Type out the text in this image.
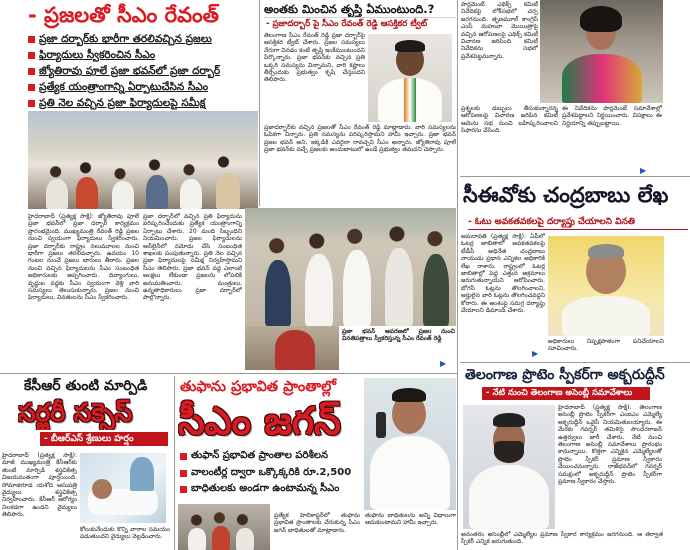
- ప్రజలతో సీఎం రేవంత్
ప్రజా దర్బార్‌కు భారీగా తరలివచ్చిన ప్రజలు
ఫిర్యాదులు స్వీకరించిన సీఎం
జ్యోతిరావు పూలే ప్రజా భవన్‌లో ప్రజా దర్బార్
ప్రత్యేక యంత్రాంగాన్ని ఏర్పాటుచేసిన సీఎం
ప్రతి నెల వచ్చిన ప్రజా ఫిర్యాదులపై సమీక్ష
హైదరాబాద్ (ప్రత్యక్ష సాక్షి): జ్యోతిరావు పూలే ప్రజా భవన్‌లో ప్రజా దర్బార్ కార్యక్రమం ప్రారంభమైంది. ముఖ్యమంత్రి రేవంత్ రెడ్డి ప్రజల నుంచి స్వయంగా ఫిర్యాదులు స్వీకరించారు. ప్రజా దర్బార్‌కు రాష్ట్రం నలుమూలల నుంచి భారీగా ప్రజలు తరలివచ్చారు. ఉదయం 10 గంటల నుంచే ప్రజలు బారులు తీరారు. ప్రజల నుంచి వచ్చిన ఫిర్యాదులను సీఎం సంబంధిత అధికారులకు అప్పగించారు. దివ్యాంగులు, వృద్ధుల వద్దకు సీఎం స్వయంగా వెళ్లి వారి సమస్యలు తెలుసుకున్నారు. ప్రజల నుంచి ఫిర్యాదులు, వినతులను సీఎం స్వీకరించారు.
ప్రజా దర్బార్‌లో వచ్చిన ప్రతి ఫిర్యాదును పరిష్కరించేందుకు ప్రత్యేక యంత్రాంగాన్ని ఏర్పాటు చేశారు. 20 మంది సిబ్బందిని నియమించారు. ప్రజల ఫిర్యాదులను ఆన్‌లైన్‌లో నమోదు చేసి సంబంధిత శాఖలకు పంపుతున్నారు. ప్రతి నెల వచ్చిన ప్రజా ఫిర్యాదులపై సమీక్ష నిర్వహిస్తామని సీఎం తెలిపారు. ప్రజా భవన్ వద్ద ఎలాంటి ఆంక్షలు లేకుండా ప్రజలను లోపలికి అనుమతించారు. మంత్రులు, ఉన్నతాధికారులు ప్రజా దర్బార్‌లో పాల్గొన్నారు.
అంతకు మించిన తృప్తి ఏముంటుంది.?
- ప్రజాదర్బార్ పై సీఎం రేవంత్ రెడ్డి ఆసక్తికర ట్వీట్
తెలంగాణ సీఎం రేవంత్ రెడ్డి ప్రజా దర్బార్‌పై ఆసక్తికర ట్వీట్ చేశారు. ప్రజల సమస్యలు నేరుగా వినడం కంటే తృప్తి ఇంకేముంటుందని పేర్కొన్నారు. ప్రజా భవన్‌కు వచ్చిన ప్రతి ఒక్కరి సమస్యను విన్నామని, వారి కష్టాలు తీర్చేందుకు ప్రభుత్వం కృషి చేస్తుందని తెలిపారు.
ప్రజాదర్బార్‌కు వచ్చిన ప్రజలతో సీఎం రేవంత్ రెడ్డి మాట్లాడారు. వారి సమస్యలను ఓపికగా విన్నారు. ప్రతి సమస్యను పరిష్కరిస్తామని హామీ ఇచ్చారు. ప్రజా భవన్ ప్రజల భవన్ అని, ఇక్కడికి ఎవరైనా రావచ్చని సీఎం అన్నారు. జ్యోతిరావు పూలే ప్రజా భవన్‌కు వచ్చే ప్రజలకు అందుబాటులో ఉండే ప్రభుత్వం తమదని చెప్పారు.
ప్రజా భవన్ ఆవరణలో ప్రజల నుంచి వినతిపత్రాలు స్వీకరిస్తున్న సీఎం రేవంత్ రెడ్డి
▶
పార్లమెంట్ ఎథిక్స్ కమిటీ నివేదికపై లోక్‌సభలో చర్చ జరగనుంది. తృణమూల్ కాంగ్రెస్ ఎంపీ మహువా మొయిత్రాపై వచ్చిన ఆరోపణలపై ఎథిక్స్ కమిటీ విచారణ జరిపింది. కమిటీ నివేదికను సభలో ప్రవేశపెట్టనున్నారు.
ప్రశ్నలకు డబ్బులు తీసుకున్నారన్న ఆరోపణలపై విచారణ జరిపిన కమిటీ ఆమెను సభ నుంచి బహిష్కరించాలని సిఫారసు చేసింది.
ఈ నివేదికను పార్లమెంట్ సమావేశాల్లో ప్రవేశపెట్టాలని నిర్ణయించారు. విపక్షాలు ఈ నిర్ణయాన్ని తప్పుబట్టాయి.
▶
సీఈవోకు చంద్రబాబు లేఖ
- ఓటు అవకతవకలపై దర్యాప్తు చేయాలని వినతి
అమరావతి (ప్రత్యక్ష సాక్షి): ఏపీలో ఓటర్ల జాబితాలో అవకతవకలపై టీడీపీ అధినేత చంద్రబాబు నాయుడు ప్రధాన ఎన్నికల అధికారికి లేఖ రాశారు. రాష్ట్రంలో ఓటర్ల జాబితాల్లో పెద్ద ఎత్తున అక్రమాలు జరుగుతున్నాయని ఆరోపించారు. బోగస్ ఓట్లను తొలగించాలని, అర్హులైన వారి ఓట్లను తొలగించవద్దని కోరారు. ఈ అంశంపై సమగ్ర దర్యాప్తు చేయాలని డిమాండ్ చేశారు.
అధికారులు నిష్పక్షపాతంగా పనిచేయాలని సూచించారు.
▶
తెలంగాణ ప్రొటెం స్పీకర్‌గా అక్బరుద్దీన్
- నేటి నుంచి తెలంగాణ అసెంబ్లీ సమావేశాలు
హైదరాబాద్ (ప్రత్యక్ష సాక్షి): తెలంగాణ అసెంబ్లీ ప్రొటెం స్పీకర్‌గా ఎంఐఎం ఎమ్మెల్యే అక్బరుద్దీన్ ఒవైసీ నియమితులయ్యారు. ఈ మేరకు గవర్నర్ తమిళిసై సౌందరరాజన్ ఉత్తర్వులు జారీ చేశారు. నేటి నుంచి తెలంగాణ అసెంబ్లీ సమావేశాలు ప్రారంభం కానున్నాయి. కొత్తగా ఎన్నికైన ఎమ్మెల్యేలతో ప్రొటెం స్పీకర్ ప్రమాణ స్వీకారం చేయించనున్నారు. రాజ్‌భవన్‌లో గవర్నర్ సమక్షంలో అక్బరుద్దీన్ ప్రొటెం స్పీకర్‌గా ప్రమాణ స్వీకారం చేస్తారు.
అనంతరం అసెంబ్లీలో ఎమ్మెల్యేల ప్రమాణ స్వీకార కార్యక్రమం జరగనుంది. ఆ తర్వాత స్పీకర్ ఎన్నిక జరుగుతుంది.
కేసీఆర్ తుంటి మార్పిడి
సర్జరీ సక్సెస్
- బీఆర్ఎస్ శ్రేణులు హర్షం
హైదరాబాద్ (ప్రత్యక్ష సాక్షి): మాజీ ముఖ్యమంత్రి కేసీఆర్‌కు తుంటి మార్పిడి శస్త్రచికిత్స విజయవంతంగా పూర్తయింది. సోమాజిగూడ యశోద ఆసుపత్రి వైద్యులు శస్త్రచికిత్స నిర్వహించారు. కేసీఆర్ ఆరోగ్యం నిలకడగా ఉందని వైద్యులు తెలిపారు.
కోలుకునేందుకు కొన్ని వారాల సమయం పడుతుందని వైద్యులు వెల్లడించారు.
తుఫాను ప్రభావిత ప్రాంతాల్లో
సీఎం జగన్
తుఫాన్ ప్రభావిత ప్రాంతాల పరిశీలన
వాలంటీర్ల ద్వారా ఒక్కొక్కరికి రూ.2,500
బాధితులకు అండగా ఉంటామన్న సీఎం
ప్రత్యేక హెలికాప్టర్‌లో తుఫాను ప్రభావిత ప్రాంతాలకు చేరుకున్న సీఎం జగన్ బాధితులతో మాట్లాడారు.
తుఫాను బాధితులను అన్ని విధాలుగా ఆదుకుంటామని హామీ ఇచ్చారు.
